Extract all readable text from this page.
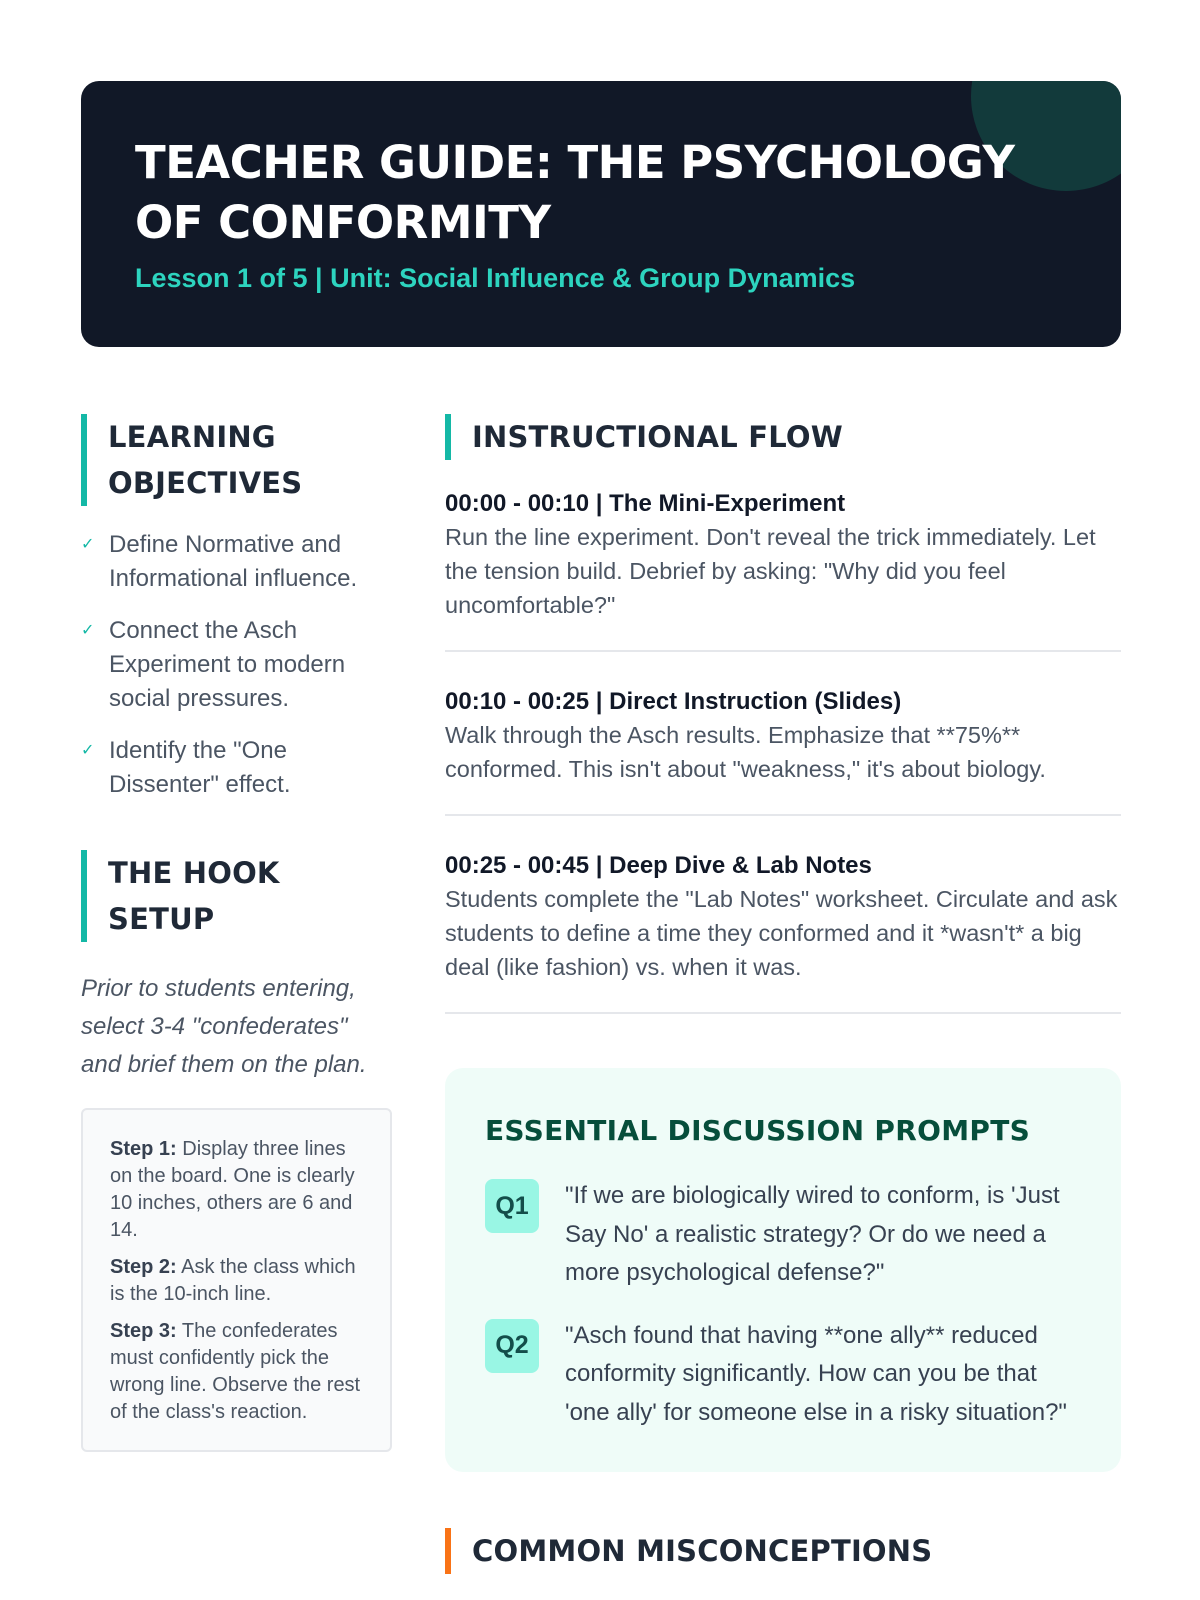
TEACHER GUIDE: THE PSYCHOLOGY OF CONFORMITY
Lesson 1 of 5 | Unit: Social Influence & Group Dynamics
LEARNING OBJECTIVES
✓ Define Normative and Informational influence.
✓ Connect the Asch Experiment to modern social pressures.
✓ Identify the "One Dissenter" effect.
THE HOOK SETUP

Prior to students entering, select 3-4 "confederates" and brief them on the plan.

Step 1: Display three lines on the board. One is clearly 10 inches, others are 6 and 14.

Step 2: Ask the class which is the 10-inch line.

Step 3: The confederates must confidently pick the wrong line. Observe the rest of the class's reaction.

INSTRUCTIONAL FLOW
00:00 - 00:10 | The Mini-Experiment
Run the line experiment. Don't reveal the trick immediately. Let the tension build. Debrief by asking: "Why did you feel uncomfortable?"
00:10 - 00:25 | Direct Instruction (Slides)
Walk through the Asch results. Emphasize that **75%** conformed. This isn't about "weakness," it's about biology.
00:25 - 00:45 | Deep Dive & Lab Notes
Students complete the "Lab Notes" worksheet. Circulate and ask students to define a time they conformed and it *wasn't* a big deal (like fashion) vs. when it was.
ESSENTIAL DISCUSSION PROMPTS
Q1	"If we are biologically wired to conform, is 'Just Say No' a realistic strategy? Or do we need a more psychological defense?"
Q2	"Asch found that having **one ally** reduced conformity significantly. How can you be that 'one ally' for someone else in a risky situation?"
COMMON MISCONCEPTIONS
